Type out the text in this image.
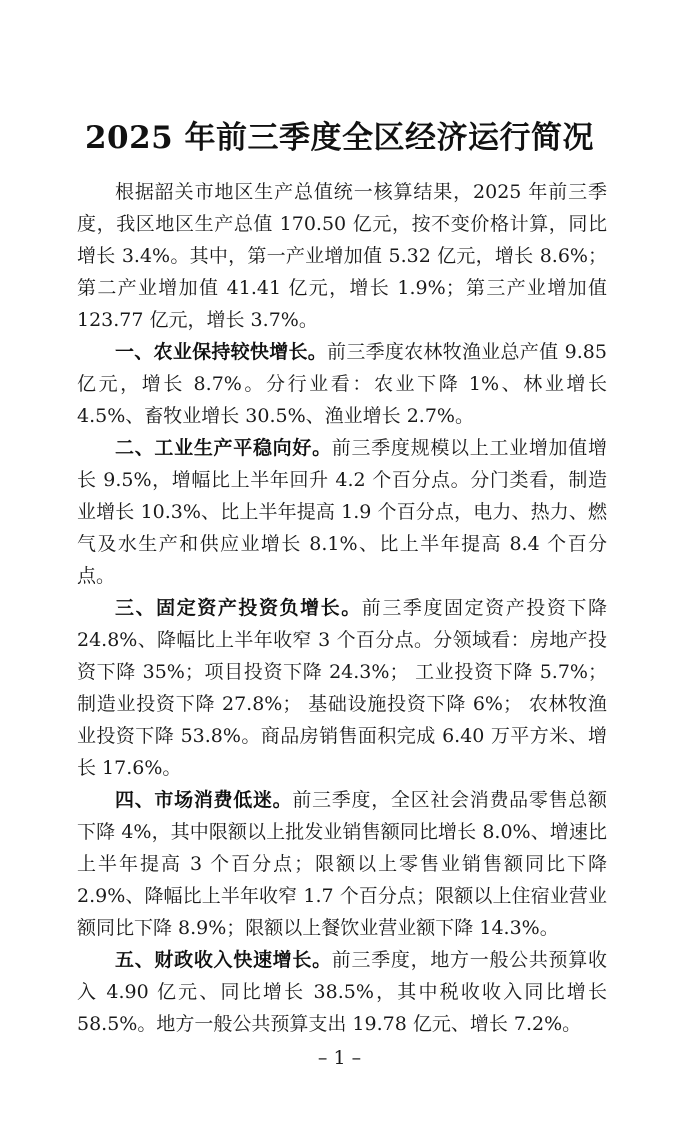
2025 年前三季度全区经济运行简况

根据韶关市地区生产总值统一核算结果，2025 年前三季度，我区地区生产总值 170.50 亿元，按不变价格计算，同比增长 3.4%。其中，第一产业增加值 5.32 亿元，增长 8.6%；第二产业增加值 41.41 亿元，增长 1.9%；第三产业增加值 123.77 亿元，增长 3.7%。

一、农业保持较快增长。前三季度农林牧渔业总产值 9.85 亿元，增长 8.7%。分行业看：农业下降 1%、林业增长 4.5%、畜牧业增长 30.5%、渔业增长 2.7%。

二、工业生产平稳向好。前三季度规模以上工业增加值增长 9.5%，增幅比上半年回升 4.2 个百分点。分门类看，制造业增长 10.3%、比上半年提高 1.9 个百分点，电力、热力、燃气及水生产和供应业增长 8.1%、比上半年提高 8.4 个百分点。

三、固定资产投资负增长。前三季度固定资产投资下降 24.8%、降幅比上半年收窄 3 个百分点。分领域看：房地产投资下降 35%；项目投资下降 24.3%； 工业投资下降 5.7%；制造业投资下降 27.8%； 基础设施投资下降 6%； 农林牧渔业投资下降 53.8%。商品房销售面积完成 6.40 万平方米、增长 17.6%。

四、市场消费低迷。前三季度，全区社会消费品零售总额下降 4%，其中限额以上批发业销售额同比增长 8.0%、增速比上半年提高 3 个百分点；限额以上零售业销售额同比下降 2.9%、降幅比上半年收窄 1.7 个百分点；限额以上住宿业营业额同比下降 8.9%；限额以上餐饮业营业额下降 14.3%。

五、财政收入快速增长。前三季度，地方一般公共预算收入 4.90 亿元、同比增长 38.5%，其中税收收入同比增长 58.5%。地方一般公共预算支出 19.78 亿元、增长 7.2%。

– 1 –
